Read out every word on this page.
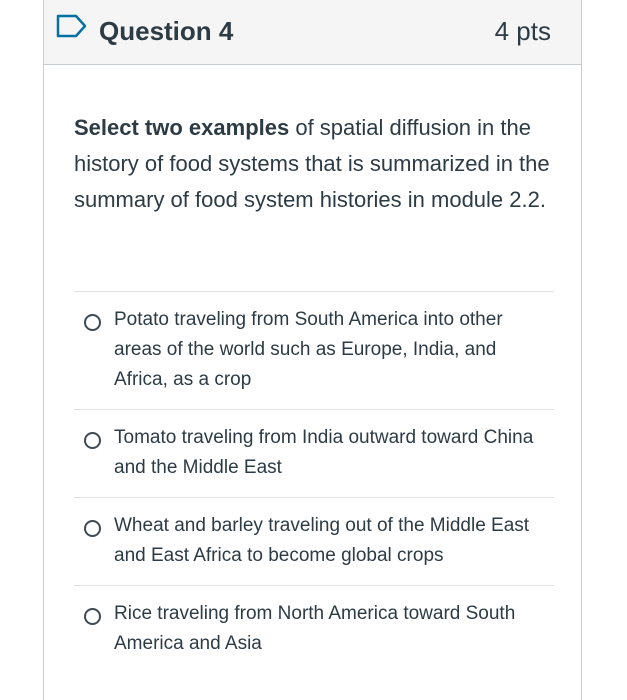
Question 4	4 pts
Select two examples of spatial diffusion in the history of food systems that is summarized in the summary of food system histories in module 2.2.
Potato traveling from South America into other areas of the world such as Europe, India, and Africa, as a crop
Tomato traveling from India outward toward China and the Middle East
Wheat and barley traveling out of the Middle East and East Africa to become global crops
Rice traveling from North America toward South America and Asia
